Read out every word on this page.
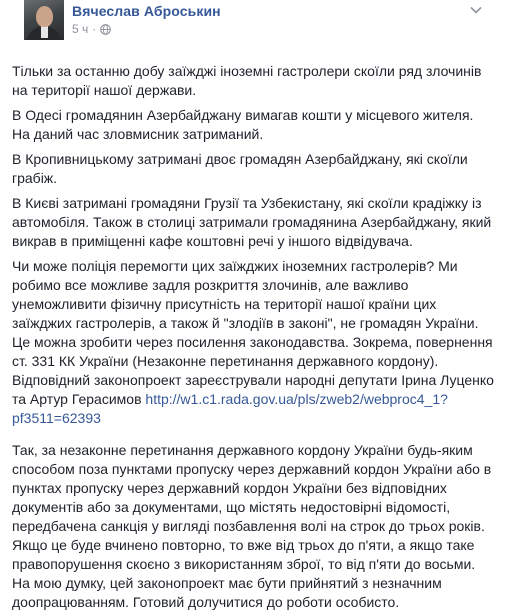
Вячеслав Аброськин
5 ч ·

Тільки за останню добу заїжджі іноземні гастролери скоїли ряд злочинів на території нашої держави.

В Одесі громадянин Азербайджану вимагав кошти у місцевого жителя. На даний час зловмисник затриманий.

В Кропивницькому затримані двоє громадян Азербайджану, які скоїли грабіж.

В Києві затримані громадяни Грузії та Узбекистану, які скоїли крадіжку із автомобіля. Також в столиці затримали громадянина Азербайджану, який викрав в приміщенні кафе коштовні речі у іншого відвідувача.

Чи може поліція перемогти цих заїжджих іноземних гастролерів? Ми робимо все можливе задля розкриття злочинів, але важливо унеможливити фізичну присутність на території нашої країни цих заїжджих гастролерів, а також й "злодіїв в законі", не громадян України. Це можна зробити через посилення законодавства. Зокрема, повернення ст. 331 КК України (Незаконне перетинання державного кордону). Відповідний законопроект зареєстрували народні депутати Ірина Луценко та Артур Герасимов http://w1.c1.rada.gov.ua/pls/zweb2/webproc4_1?pf3511=62393

Так, за незаконне перетинання державного кордону України будь-яким способом поза пунктами пропуску через державний кордон України або в пунктах пропуску через державний кордон України без відповідних документів або за документами, що містять недостовірні відомості, передбачена санкція у вигляді позбавлення волі на строк до трьох років. Якщо це буде вчинено повторно, то вже від трьох до п'яти, а якщо таке правопорушення скоєно з використанням зброї, то від п'яти до восьми. На мою думку, цей законопроект має бути прийнятий з незначним доопрацюванням. Готовий долучитися до роботи особисто.
